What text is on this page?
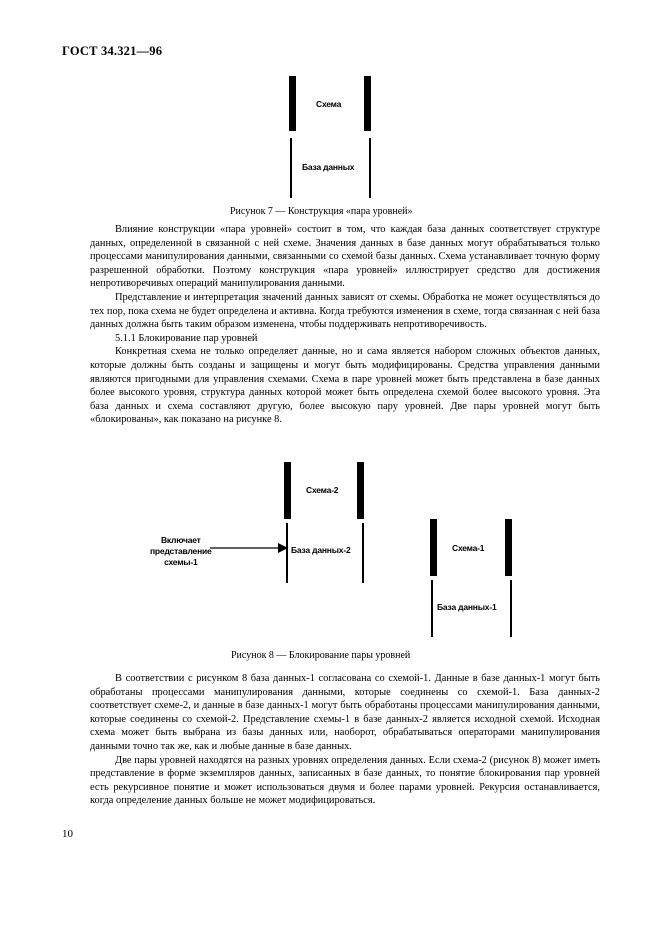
ГОСТ 34.321—96
Схема
База данных
Рисунок 7 — Конструкция «пара уровней»

Влияние конструкции «пара уровней» состоит в том, что каждая база данных соответствует структуре данных, определенной в связанной с ней схеме. Значения данных в базе данных могут обрабатываться только процессами манипулирования данными, связанными со схемой базы данных. Схема устанавливает точную форму разрешенной обработки. Поэтому конструкция «пара уровней» иллюстрирует средство для достижения непротиворечивых операций манипулирования данными.

Представление и интерпретация значений данных зависят от схемы. Обработка не может осуществляться до тех пор, пока схема не будет определена и активна. Когда требуются изменения в схеме, тогда связанная с ней база данных должна быть таким образом изменена, чтобы поддерживать непротиворечивость.

5.1.1 Блокирование пар уровней

Конкретная схема не только определяет данные, но и сама является набором сложных объектов данных, которые должны быть созданы и защищены и могут быть модифицированы. Средства управления данными являются пригодными для управления схемами. Схема в паре уровней может быть представлена в базе данных более высокого уровня, структура данных которой может быть определена схемой более высокого уровня. Эта база данных и схема составляют другую, более высокую пару уровней. Две пары уровней могут быть «блокированы», как показано на рисунке 8.

Схема-2
База данных-2
Включает
представление
схемы-1
Схема-1
База данных-1
Рисунок 8 — Блокирование пары уровней

В соответствии с рисунком 8 база данных-1 согласована со схемой-1. Данные в базе данных-1 могут быть обработаны процессами манипулирования данными, которые соединены со схемой-1. База данных-2 соответствует схеме-2, и данные в базе данных-1 могут быть обработаны процессами манипулирования данными, которые соединены со схемой-2. Представление схемы-1 в базе данных-2 является исходной схемой. Исходная схема может быть выбрана из базы данных или, наоборот, обрабатываться операторами манипулирования данными точно так же, как и любые данные в базе данных.

Две пары уровней находятся на разных уровнях определения данных. Если схема-2 (рисунок 8) может иметь представление в форме экземпляров данных, записанных в базе данных, то понятие блокирования пар уровней есть рекурсивное понятие и может использоваться двумя и более парами уровней. Рекурсия останавливается, когда определение данных больше не может модифицироваться.

10
